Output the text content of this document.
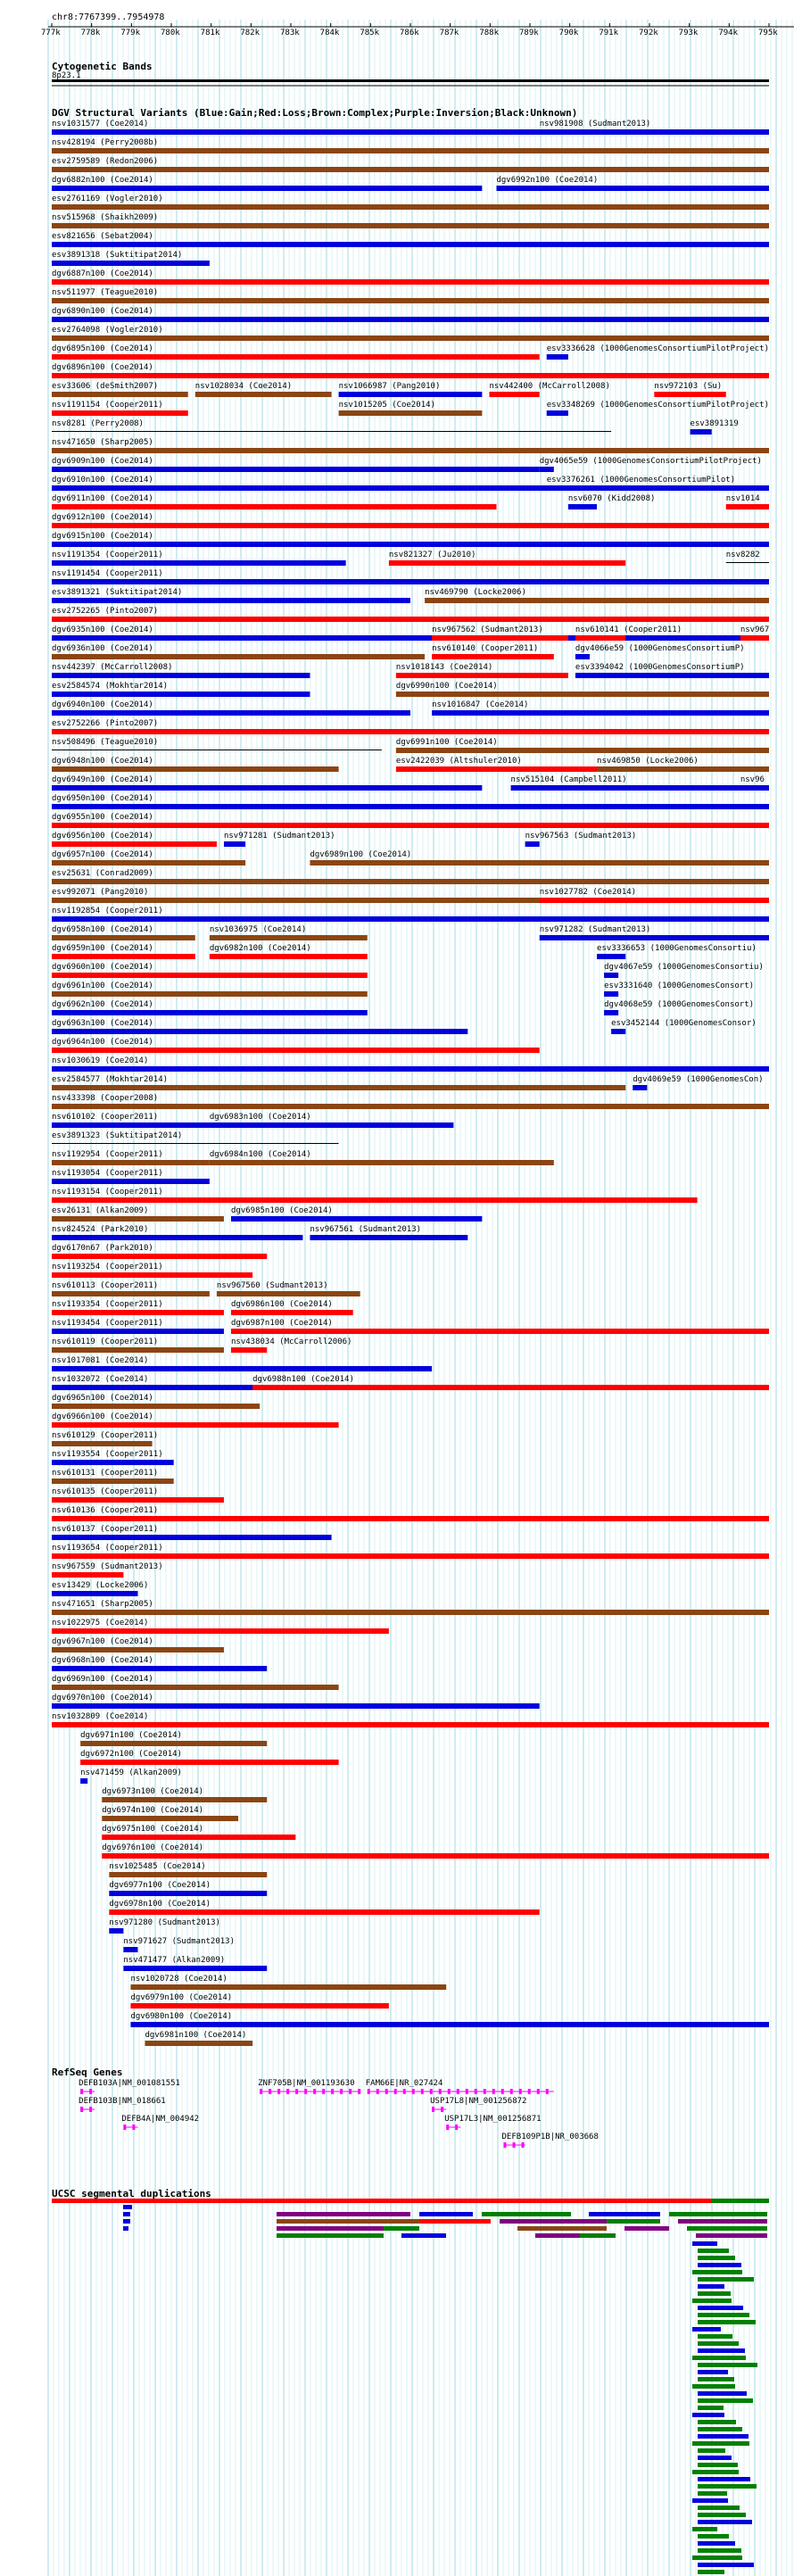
chr8:7767399..7954978
777k	778k	779k	780k	781k	782k	783k	784k	785k	786k	787k	788k	789k	790k	791k	792k	793k	794k	795k
Cytogenetic Bands
8p23.1
DGV Structural Variants (Blue:Gain;Red:Loss;Brown:Complex;Purple:Inversion;Black:Unknown)
RefSeq Genes
UCSC segmental duplications
nsv1031577 (Coe2014)	nsv981908 (Sudmant2013)
nsv428194 (Perry2008b)
esv2759589 (Redon2006)
dgv6882n100 (Coe2014)	dgv6992n100 (Coe2014)
esv2761169 (Vogler2010)
nsv515968 (Shaikh2009)
esv821656 (Sebat2004)
esv3891318 (Suktitipat2014)
dgv6887n100 (Coe2014)
nsv511977 (Teague2010)
dgv6890n100 (Coe2014)
esv2764098 (Vogler2010)
dgv6895n100 (Coe2014)	esv3336628 (1000GenomesConsortiumPilotProject)
dgv6896n100 (Coe2014)
esv33606 (deSmith2007)	nsv1028034 (Coe2014)	nsv1066987 (Pang2010)	nsv442400 (McCarroll2008)	nsv972103 (Su)
nsv1191154 (Cooper2011)	nsv1015205 (Coe2014)	esv3348269 (1000GenomesConsortiumPilotProject)
nsv8281 (Perry2008)	esv3891319
nsv471650 (Sharp2005)
dgv6909n100 (Coe2014)	dgv4065e59 (1000GenomesConsortiumPilotProject)
dgv6910n100 (Coe2014)	esv3376261 (1000GenomesConsortiumPilot)
dgv6911n100 (Coe2014)	nsv6070 (Kidd2008)	nsv1014
dgv6912n100 (Coe2014)
dgv6915n100 (Coe2014)
nsv1191354 (Cooper2011)	nsv821327 (Ju2010)	nsv8282
nsv1191454 (Cooper2011)
esv3891321 (Suktitipat2014)	nsv469790 (Locke2006)
esv2752265 (Pinto2007)
dgv6935n100 (Coe2014)	nsv967562 (Sudmant2013)	nsv610141 (Cooper2011)	nsv967
dgv6936n100 (Coe2014)	nsv610140 (Cooper2011)	dgv4066e59 (1000GenomesConsortiumP)
nsv442397 (McCarroll2008)	nsv1018143 (Coe2014)	esv3394042 (1000GenomesConsortiumP)
esv2584574 (Mokhtar2014)	dgv6990n100 (Coe2014)
dgv6940n100 (Coe2014)	nsv1016847 (Coe2014)
esv2752266 (Pinto2007)
nsv508496 (Teague2010)	dgv6991n100 (Coe2014)
dgv6948n100 (Coe2014)	esv2422039 (Altshuler2010)	nsv469850 (Locke2006)
dgv6949n100 (Coe2014)	nsv515104 (Campbell2011)	nsv96
dgv6950n100 (Coe2014)
dgv6955n100 (Coe2014)
dgv6956n100 (Coe2014)	nsv971281 (Sudmant2013)	nsv967563 (Sudmant2013)
dgv6957n100 (Coe2014)	dgv6989n100 (Coe2014)
esv25631 (Conrad2009)
esv992071 (Pang2010)	nsv1027782 (Coe2014)
nsv1192854 (Cooper2011)
dgv6958n100 (Coe2014)	nsv1036975 (Coe2014)	nsv971282 (Sudmant2013)
dgv6959n100 (Coe2014)	dgv6982n100 (Coe2014)	esv3336653 (1000GenomesConsortiu)
dgv6960n100 (Coe2014)	dgv4067e59 (1000GenomesConsortiu)
dgv6961n100 (Coe2014)	esv3331640 (1000GenomesConsort)
dgv6962n100 (Coe2014)	dgv4068e59 (1000GenomesConsort)
dgv6963n100 (Coe2014)	esv3452144 (1000GenomesConsor)
dgv6964n100 (Coe2014)
nsv1030619 (Coe2014)
esv2584577 (Mokhtar2014)	dgv4069e59 (1000GenomesCon)
nsv433398 (Cooper2008)
nsv610102 (Cooper2011)	dgv6983n100 (Coe2014)
esv3891323 (Suktitipat2014)
nsv1192954 (Cooper2011)	dgv6984n100 (Coe2014)
nsv1193054 (Cooper2011)
nsv1193154 (Cooper2011)
esv26131 (Alkan2009)	dgv6985n100 (Coe2014)
nsv824524 (Park2010)	nsv967561 (Sudmant2013)
dgv6170n67 (Park2010)
nsv1193254 (Cooper2011)
nsv610113 (Cooper2011)	nsv967560 (Sudmant2013)
nsv1193354 (Cooper2011)	dgv6986n100 (Coe2014)
nsv1193454 (Cooper2011)	dgv6987n100 (Coe2014)
nsv610119 (Cooper2011)	nsv438034 (McCarroll2006)
nsv1017081 (Coe2014)
nsv1032072 (Coe2014)	dgv6988n100 (Coe2014)
dgv6965n100 (Coe2014)
dgv6966n100 (Coe2014)
nsv610129 (Cooper2011)
nsv1193554 (Cooper2011)
nsv610131 (Cooper2011)
nsv610135 (Cooper2011)
nsv610136 (Cooper2011)
nsv610137 (Cooper2011)
nsv1193654 (Cooper2011)
nsv967559 (Sudmant2013)
esv13429 (Locke2006)
nsv471651 (Sharp2005)
nsv1022975 (Coe2014)
dgv6967n100 (Coe2014)
dgv6968n100 (Coe2014)
dgv6969n100 (Coe2014)
dgv6970n100 (Coe2014)
nsv1032809 (Coe2014)
dgv6971n100 (Coe2014)
dgv6972n100 (Coe2014)
nsv471459 (Alkan2009)
dgv6973n100 (Coe2014)
dgv6974n100 (Coe2014)
dgv6975n100 (Coe2014)
dgv6976n100 (Coe2014)
nsv1025485 (Coe2014)
dgv6977n100 (Coe2014)
dgv6978n100 (Coe2014)
nsv971280 (Sudmant2013)
nsv971627 (Sudmant2013)
nsv471477 (Alkan2009)
nsv1020728 (Coe2014)
dgv6979n100 (Coe2014)
dgv6980n100 (Coe2014)
dgv6981n100 (Coe2014)
DEFB103A|NM_001081551	ZNF705B|NM_001193630 FAM66E|NR_027424
DEFB103B|NM_018661	USP17L8|NM_001256872
DEFB4A|NM_004942	USP17L3|NM_001256871
DEFB109P1B|NR_003668
